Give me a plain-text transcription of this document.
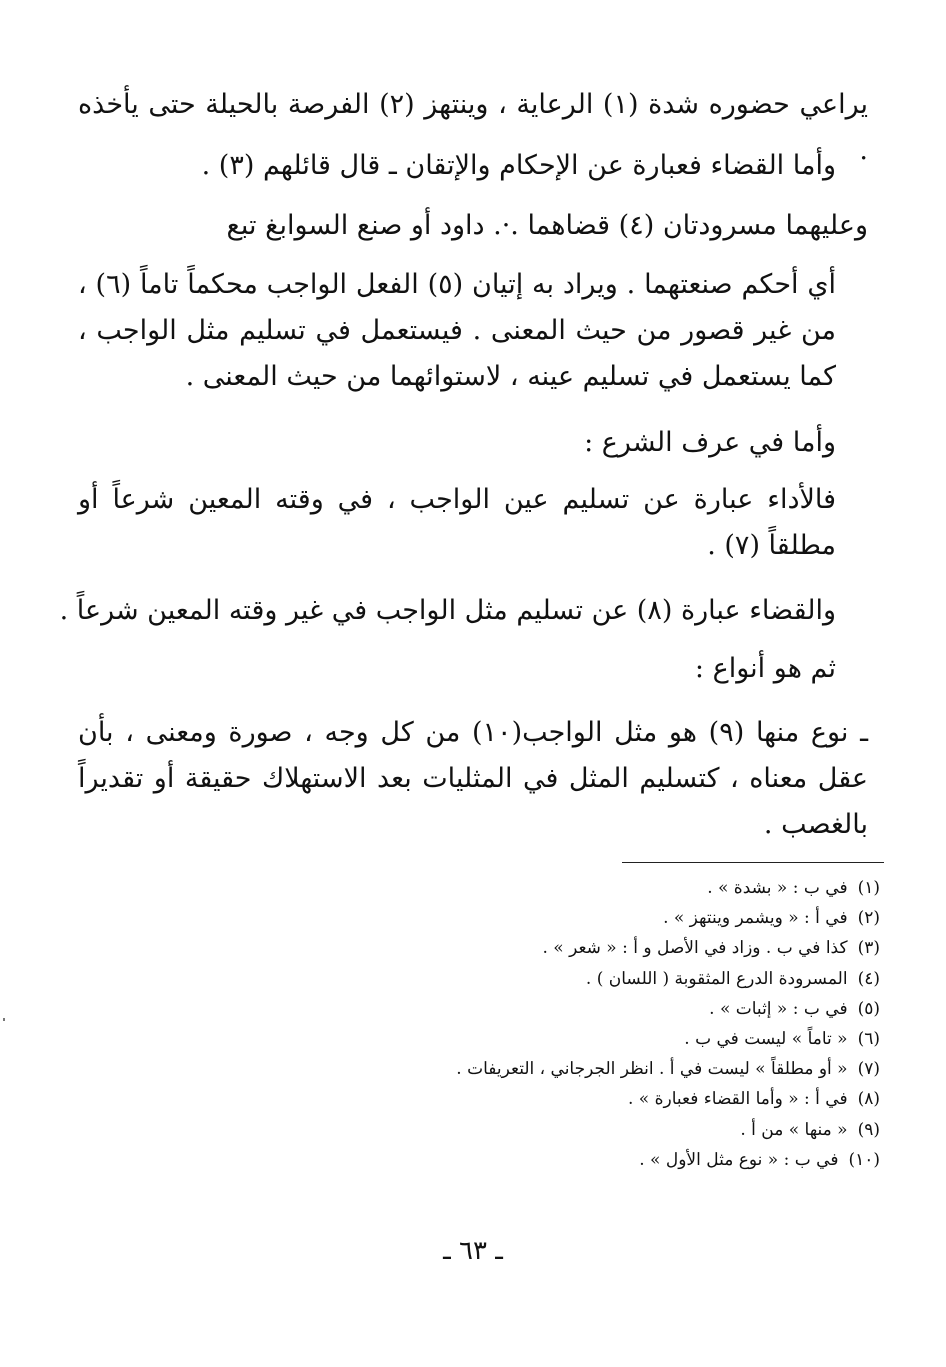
يراعي حضوره شدة (١) الرعاية ، وينتهز (٢) الفرصة بالحيلة حتى يأخذه .

وأما القضاء فعبارة عن الإحكام والإتقان ـ قال قائلهم (٣) .

وعليهما مسرودتان (٤) قضاهما .·. داود أو صنع السوابغ تبع

أي أحكم صنعتهما . ويراد به إتيان (٥) الفعل الواجب محكماً تاماً (٦) ، من غير قصور من حيث المعنى . فيستعمل في تسليم مثل الواجب ، كما يستعمل في تسليم عينه ، لاستوائهما من حيث المعنى .

وأما في عرف الشرع :

فالأداء عبارة عن تسليم عين الواجب ، في وقته المعين شرعاً أو مطلقاً (٧) .

والقضاء عبارة (٨) عن تسليم مثل الواجب في غير وقته المعين شرعاً .

ثم هو أنواع :

ـ نوع منها (٩) هو مثل الواجب(١٠) من كل وجه ، صورة ومعنى ، بأن عقل معناه ، كتسليم المثل في المثليات بعد الاستهلاك حقيقة أو تقديراً بالغصب .

(١)في ب : « بشدة » .
(٢)في أ : « ويشمر وينتهز » .
(٣)كذا في ب . وزاد في الأصل و أ : « شعر » .
(٤)المسرودة الدرع المثقوبة ( اللسان ) .
(٥)في ب : « إثبات » .
(٦)« تاماً » ليست في ب .
(٧)« أو مطلقاً » ليست في أ . انظر الجرجاني ، التعريفات .
(٨)في أ : « وأما القضاء فعبارة » .
(٩)« منها » من أ .
(١٠)في ب : « نوع مثل الأول » .
ـ ٦٣ ـ
